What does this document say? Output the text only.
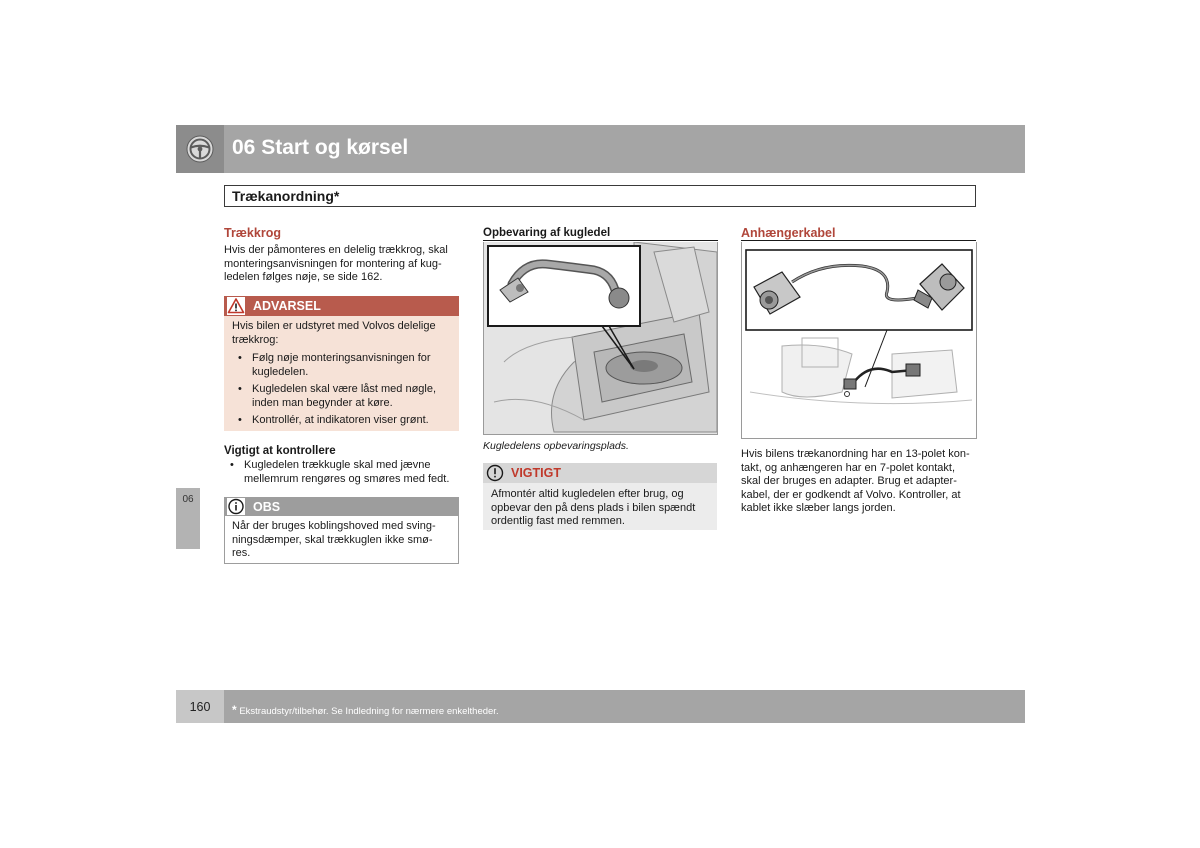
06 Start og kørsel
Trækanordning*
06
Trækkrog
Hvis der påmonteres en delelig trækkrog, skal
monteringsanvisningen for montering af kug-
ledelen følges nøje, se side 162.
ADVARSEL
Hvis bilen er udstyret med Volvos delelige
trækkrog:
• Følg nøje monteringsanvisningen for
kugledelen.
• Kugledelen skal være låst med nøgle,
inden man begynder at køre.
• Kontrollér, at indikatoren viser grønt.
Vigtigt at kontrollere
• Kugledelen trækkugle skal med jævne
mellemrum rengøres og smøres med fedt.
OBS
Når der bruges koblingshoved med sving-
ningsdæmper, skal trækkuglen ikke smø-
res.
Opbevaring af kugledel
Kugledelens opbevaringsplads.
VIGTIGT
Afmontér altid kugledelen efter brug, og
opbevar den på dens plads i bilen spændt
ordentlig fast med remmen.
Anhængerkabel
Hvis bilens trækanordning har en 13-polet kon-
takt, og anhængeren har en 7-polet kontakt,
skal der bruges en adapter. Brug et adapter-
kabel, der er godkendt af Volvo. Kontroller, at
kablet ikke slæber langs jorden.
160	* Ekstraudstyr/tilbehør. Se Indledning for nærmere enkeltheder.
